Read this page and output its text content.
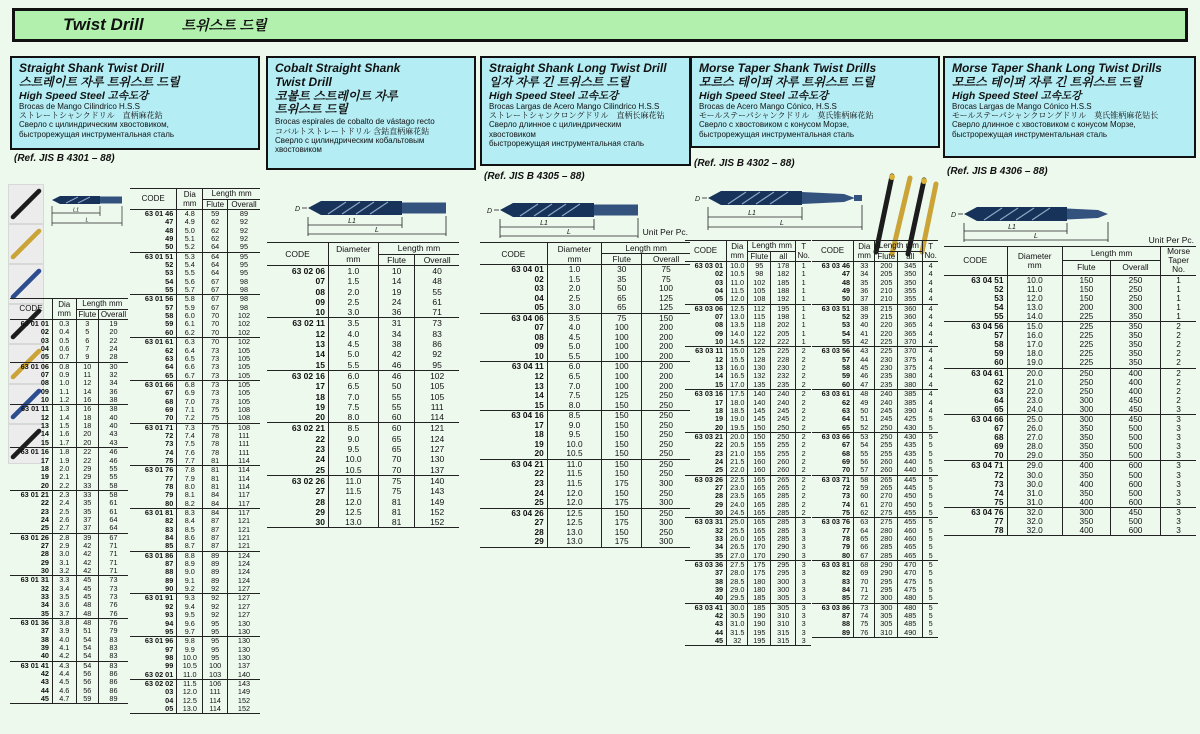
Twist Drill	트위스트 드릴
Straight Shank Twist Drill
스트레이트 자루 트위스트 드릴
High Speed Steel 고속도강
Brocas de Mango Cilindrico H.S.S
ストレートシャンクドリル　直柄麻花鉆
Сверло с цилиндрическим хвостовиком,
быстрорежущая инструментальная сталь
(Ref. JIS B 4301 – 88)
Cobalt Straight Shank
Twist Drill
코볼트 스트레이트 자루
트위스트 드릴
Brocas espirales de cobalto de vástago recto
コバルトストレートドリル 含鈷直柄麻花鉆
Сверло с цилиндрическим кобальтовым
хвостовиком
Straight Shank Long Twist Drill
일자 자루 긴 트위스트 드릴
High Speed Steel 고속도강
Brocas Largas de Acero Mango Cilindrico H.S.S
ストレートシャンクロングドリル　直柄长麻花钻
Сверло длинное с цилиндрическим
хвостовиком
быстрорежущая инструментальная сталь
(Ref. JIS B 4305 – 88)
Morse Taper Shank Twist Drills
모르스 테이퍼 자루 트위스트 드릴
High Speed Steel 고속도강
Brocas de Acero Mango Cónico, H.S.S
モールステーパシャンクドリル　莫氏锥柄麻花鉆
Сверло с хвостовиком с конусом Морзе,
быстрорежущая инструментальная сталь
(Ref. JIS B 4302 – 88)
Morse Taper Shank Long Twist Drills
모르스 테이퍼 자루 긴 트위스트 드릴
High Speed Steel 고속도강
Brocas Largas de Mango Cónico H.S.S
モールステーパシャンクロングドリル　莫氏锥柄麻花钻长
Сверло длинное с хвостовиком с конусом Морзе,
быстрорежущая инструментальная сталь
(Ref. JIS B 4306 – 88)
Unit Per Pc.
Unit Per Pc.
L1
L
D
L1
L
D
L1
L
D
L1
L
D
L1
L
CODE	Dia
mm	Length mm	
		Flute	Overall
63 01 01	0.3	3	19
02	0.4	5	20
03	0.5	6	22
04	0.6	7	24
05	0.7	9	28
63 01 06	0.8	10	30
07	0.9	11	32
08	1.0	12	34
09	1.1	14	36
10	1.2	16	38
63 01 11	1.3	16	38
12	1.4	18	40
13	1.5	18	40
14	1.6	20	43
15	1.7	20	43
63 01 16	1.8	22	46
17	1.9	22	46
18	2.0	29	55
19	2.1	29	55
20	2.2	33	58
63 01 21	2.3	33	58
22	2.4	35	61
23	2.5	35	61
24	2.6	37	64
25	2.7	37	64
63 01 26	2.8	39	67
27	2.9	42	71
28	3.0	42	71
29	3.1	42	71
30	3.2	42	71
63 01 31	3.3	45	73
32	3.4	45	73
33	3.5	45	73
34	3.6	48	76
35	3.7	48	76
63 01 36	3.8	48	76
37	3.9	51	79
38	4.0	54	83
39	4.1	54	83
40	4.2	54	83
63 01 41	4.3	54	83
42	4.4	56	86
43	4.5	56	86
44	4.6	56	86
45	4.7	59	89
CODE	Dia
mm	Length mm	
		Flute	Overall
63 01 46	4.8	59	89
47	4.9	62	92
48	5.0	62	92
49	5.1	62	92
50	5.2	64	95
63 01 51	5.3	64	95
52	5.4	64	95
53	5.5	64	95
54	5.6	67	98
55	5.7	67	98
63 01 56	5.8	67	98
57	5.9	67	98
58	6.0	70	102
59	6.1	70	102
60	6.2	70	102
63 01 61	6.3	70	102
62	6.4	73	105
63	6.5	73	105
64	6.6	73	105
65	6.7	73	105
63 01 66	6.8	73	105
67	6.9	73	105
68	7.0	73	105
69	7.1	75	108
70	7.2	75	108
63 01 71	7.3	75	108
72	7.4	78	111
73	7.5	78	111
74	7.6	78	111
75	7.7	81	114
63 01 76	7.8	81	114
77	7.9	81	114
78	8.0	81	114
79	8.1	84	117
80	8.2	84	117
63 01 81	8.3	84	117
82	8.4	87	121
83	8.5	87	121
84	8.6	87	121
85	8.7	87	121
63 01 86	8.8	89	124
87	8.9	89	124
88	9.0	89	124
89	9.1	89	124
90	9.2	92	127
63 01 91	9.3	92	127
92	9.4	92	127
93	9.5	92	127
94	9.6	95	130
95	9.7	95	130
63 01 96	9.8	95	130
97	9.9	95	130
98	10.0	95	130
99	10.5	100	137
63 02 01	11.0	103	140
63 02 02	11.5	106	143
03	12.0	111	149
04	12.5	114	152
05	13.0	114	152
CODE	Diameter
mm	Length mm	
		Flute	Overall
63 02 06	1.0	10	40
07	1.5	14	48
08	2.0	19	55
09	2.5	24	61
10	3.0	36	71
63 02 11	3.5	31	73
12	4.0	34	83
13	4.5	38	86
14	5.0	42	92
15	5.5	46	95
63 02 16	6.0	46	102
17	6.5	50	105
18	7.0	55	105
19	7.5	55	111
20	8.0	60	114
63 02 21	8.5	60	121
22	9.0	65	124
23	9.5	65	127
24	10.0	70	130
25	10.5	70	137
63 02 26	11.0	75	140
27	11.5	75	143
28	12.0	81	149
29	12.5	81	152
30	13.0	81	152
CODE	Diameter
mm	Length mm	
		Flute	Overall
63 04 01	1.0	30	75
02	1.5	35	75
03	2.0	50	100
04	2.5	65	125
05	3.0	65	125
63 04 06	3.5	75	150
07	4.0	100	200
08	4.5	100	200
09	5.0	100	200
10	5.5	100	200
63 04 11	6.0	100	200
12	6.5	100	200
13	7.0	100	200
14	7.5	125	250
15	8.0	150	250
63 04 16	8.5	150	250
17	9.0	150	250
18	9.5	150	250
19	10.0	150	250
20	10.5	150	250
63 04 21	11.0	150	250
22	11.5	150	250
23	11.5	175	300
24	12.0	150	250
25	12.0	175	300
63 04 26	12.5	150	250
27	12.5	175	300
28	13.0	150	250
29	13.0	175	300
CODE	Dia
mm	Length mm		T
No.
		Flute	all	
63 03 01	10.0	95	178	1
02	10.5	98	182	1
03	11.0	102	185	1
04	11.5	105	188	1
05	12.0	108	192	1
63 03 06	12.5	112	195	1
07	13.0	115	198	1
08	13.5	118	202	1
09	14.0	122	205	1
10	14.5	122	222	1
63 03 11	15.0	125	225	2
12	15.5	128	228	2
13	16.0	130	230	2
14	16.5	132	232	2
15	17.0	135	235	2
63 03 16	17.5	140	240	2
17	18.0	140	240	2
18	18.5	145	245	2
19	19.0	145	245	2
20	19.5	150	250	2
63 03 21	20.0	150	250	2
22	20.5	155	255	2
23	21.0	155	255	2
24	21.5	160	260	2
25	22.0	160	260	2
63 03 26	22.5	165	265	2
27	23.0	165	265	2
28	23.5	165	285	2
29	24.0	165	285	2
30	24.5	165	285	2
63 03 31	25.0	165	285	3
32	25.5	165	285	3
33	26.0	165	285	3
34	26.5	170	290	3
35	27.0	170	290	3
63 03 36	27.5	175	295	3
37	28.0	175	295	3
38	28.5	180	300	3
39	29.0	180	300	3
40	29.5	185	305	3
63 03 41	30.0	185	305	3
42	30.5	190	310	3
43	31.0	190	310	3
44	31.5	195	315	3
45	32	195	315	3
CODE	Dia
mm	Length mm		T
No.
		Flute	all	
63 03 46	33	200	345	4
47	34	205	350	4
48	35	205	350	4
49	36	210	355	4
50	37	210	355	4
63 03 51	38	215	360	4
52	39	215	360	4
53	40	220	365	4
54	41	220	365	4
55	42	225	370	4
63 03 56	43	225	370	4
57	44	230	375	4
58	45	230	375	4
59	46	235	380	4
60	47	235	380	4
63 03 61	48	240	385	4
62	49	240	385	4
63	50	245	390	4
64	51	245	425	5
65	52	250	430	5
63 03 66	53	250	430	5
67	54	255	435	5
68	55	255	435	5
69	56	260	440	5
70	57	260	440	5
63 03 71	58	265	445	5
72	59	265	445	5
73	60	270	450	5
74	61	270	450	5
75	62	275	455	5
63 03 76	63	275	455	5
77	64	280	460	5
78	65	280	460	5
79	66	285	465	5
80	67	285	465	5
63 03 81	68	290	470	5
82	69	290	470	5
83	70	295	475	5
84	71	295	475	5
85	72	300	480	5
63 03 86	73	300	480	5
87	74	305	485	5
88	75	305	485	5
89	76	310	490	5
CODE	Diameter
mm	Length mm		Morse
Taper
No.
		Flute	Overall	
63 04 51	10.0	150	250	1
52	11.0	150	250	1
53	12.0	150	250	1
54	13.0	200	300	1
55	14.0	225	350	1
63 04 56	15.0	225	350	2
57	16.0	225	350	2
58	17.0	225	350	2
59	18.0	225	350	2
60	19.0	225	350	2
63 04 61	20.0	250	400	2
62	21.0	250	400	2
63	22.0	250	400	2
64	23.0	300	450	2
65	24.0	300	450	3
63 04 66	25.0	300	450	3
67	26.0	350	500	3
68	27.0	350	500	3
69	28.0	350	500	3
70	29.0	350	500	3
63 04 71	29.0	400	600	3
72	30.0	350	500	3
73	30.0	400	600	3
74	31.0	350	500	3
75	31.0	400	600	3
63 04 76	32.0	300	450	3
77	32.0	350	500	3
78	32.0	400	600	3
